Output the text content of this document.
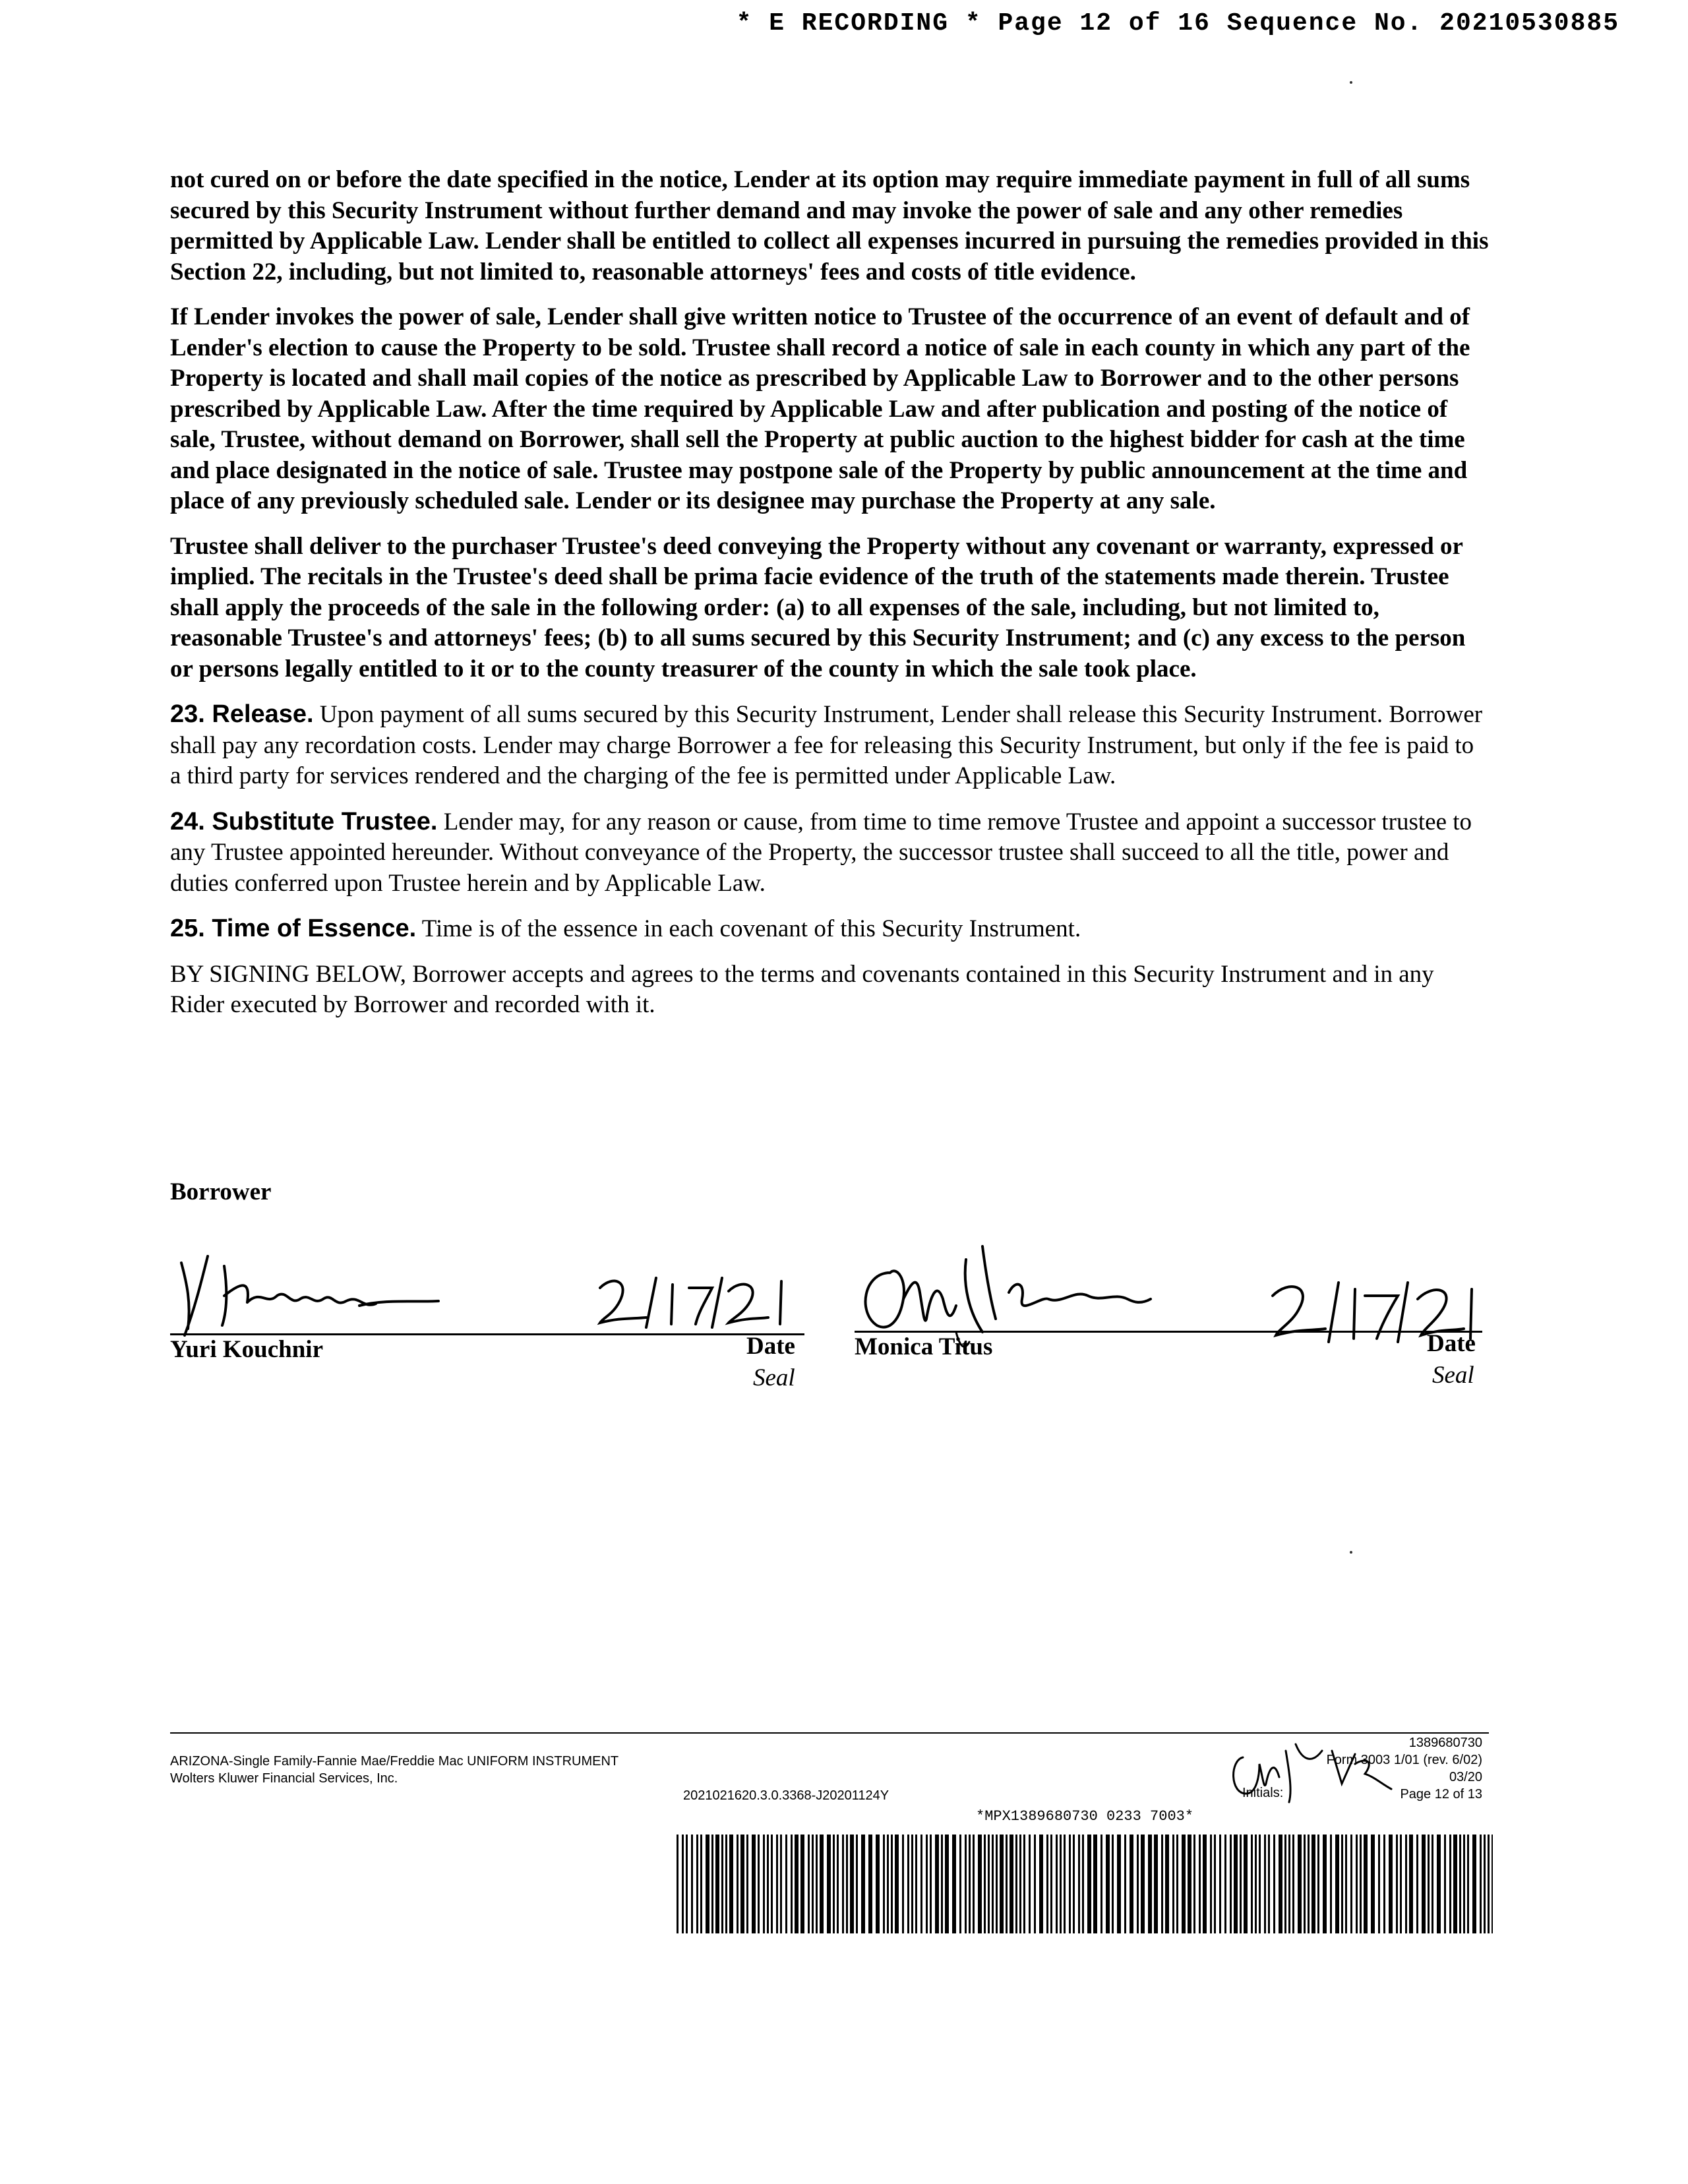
* E RECORDING * Page 12 of 16 Sequence No. 20210530885

not cured on or before the date specified in the notice, Lender at its option may require immediate payment in full of all sums secured by this Security Instrument without further demand and may invoke the power of sale and any other remedies permitted by Applicable Law. Lender shall be entitled to collect all expenses incurred in pursuing the remedies provided in this Section 22, including, but not limited to, reasonable attorneys' fees and costs of title evidence.

If Lender invokes the power of sale, Lender shall give written notice to Trustee of the occurrence of an event of default and of Lender's election to cause the Property to be sold. Trustee shall record a notice of sale in each county in which any part of the Property is located and shall mail copies of the notice as prescribed by Applicable Law to Borrower and to the other persons prescribed by Applicable Law. After the time required by Applicable Law and after publication and posting of the notice of sale, Trustee, without demand on Borrower, shall sell the Property at public auction to the highest bidder for cash at the time and place designated in the notice of sale. Trustee may postpone sale of the Property by public announcement at the time and place of any previously scheduled sale. Lender or its designee may purchase the Property at any sale.

Trustee shall deliver to the purchaser Trustee's deed conveying the Property without any covenant or warranty, expressed or implied. The recitals in the Trustee's deed shall be prima facie evidence of the truth of the statements made therein. Trustee shall apply the proceeds of the sale in the following order: (a) to all expenses of the sale, including, but not limited to, reasonable Trustee's and attorneys' fees; (b) to all sums secured by this Security Instrument; and (c) any excess to the person or persons legally entitled to it or to the county treasurer of the county in which the sale took place.

23. Release. Upon payment of all sums secured by this Security Instrument, Lender shall release this Security Instrument. Borrower shall pay any recordation costs. Lender may charge Borrower a fee for releasing this Security Instrument, but only if the fee is paid to a third party for services rendered and the charging of the fee is permitted under Applicable Law.

24. Substitute Trustee. Lender may, for any reason or cause, from time to time remove Trustee and appoint a successor trustee to any Trustee appointed hereunder. Without conveyance of the Property, the successor trustee shall succeed to all the title, power and duties conferred upon Trustee herein and by Applicable Law.

25. Time of Essence. Time is of the essence in each covenant of this Security Instrument.

BY SIGNING BELOW, Borrower accepts and agrees to the terms and covenants contained in this Security Instrument and in any Rider executed by Borrower and recorded with it.

Borrower
Yuri Kouchnir	Date
Seal
Monica Titus	Date
Seal
1389680730
ARIZONA-Single Family-Fannie Mae/Freddie Mac UNIFORM INSTRUMENT
Wolters Kluwer Financial Services, Inc.
Form 3003 1/01 (rev. 6/02)
03/20
2021021620.3.0.3368-J20201124Y	Initials:	Page 12 of 13
*MPX1389680730 0233 7003*
